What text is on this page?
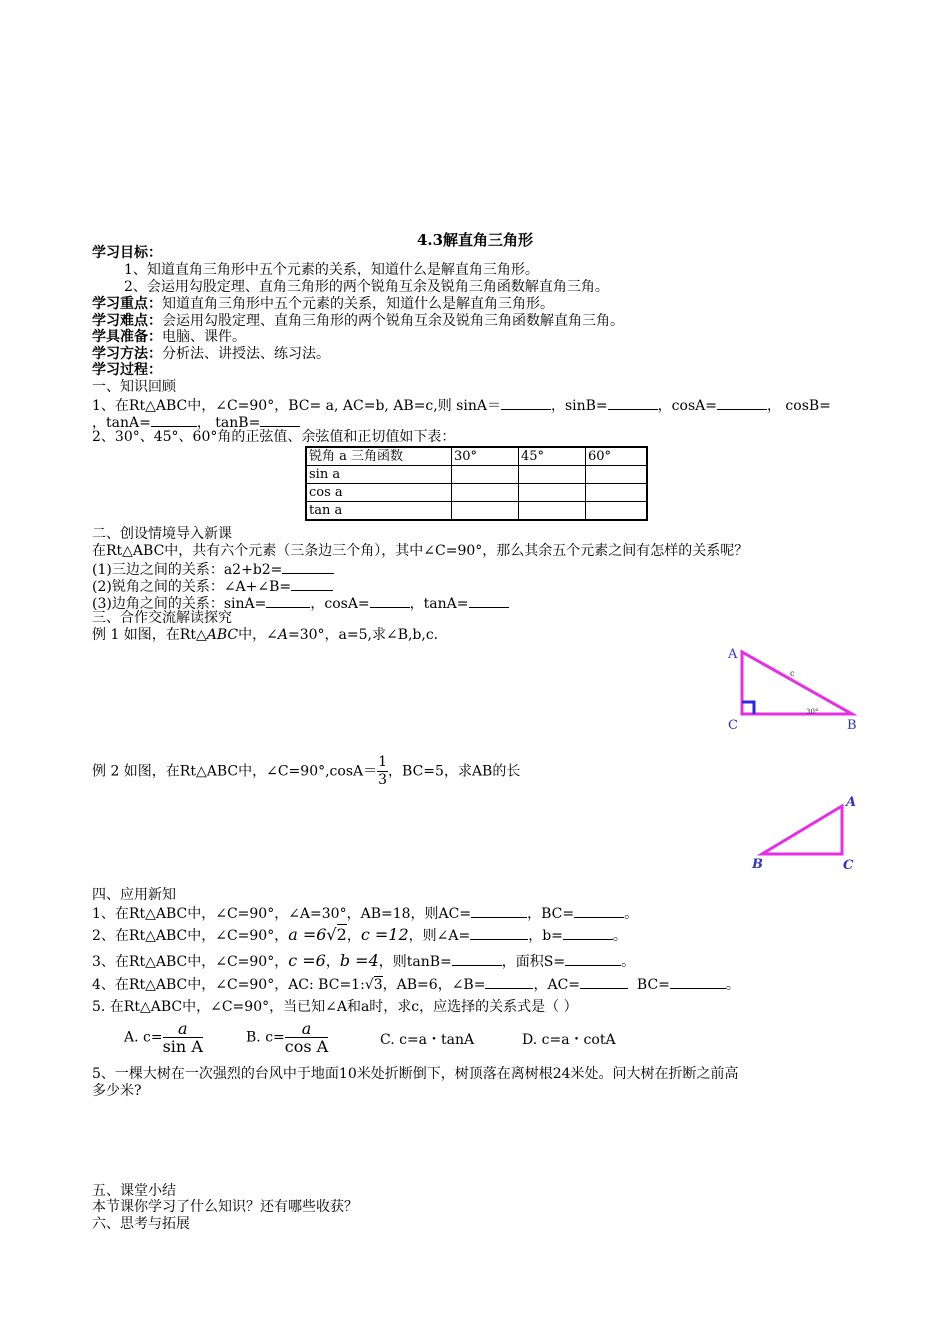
4.3解直角三角形
学习目标：
1、知道直角三角形中五个元素的关系，知道什么是解直角三角形。
2、会运用勾股定理、直角三角形的两个锐角互余及锐角三角函数解直角三角。
学习重点：知道直角三角形中五个元素的关系，知道什么是解直角三角形。
学习难点：会运用勾股定理、直角三角形的两个锐角互余及锐角三角函数解直角三角。
学具准备：电脑、课件。
学习方法：分析法、讲授法、练习法。
学习过程：
一、知识回顾
1、在Rt△ABC中，∠C=90°，BC= a, AC=b, AB=c,则 sinA＝	，sinB=	，cosA=	， cosB=
，tanA=	， tanB=
2、30°、45°、60°角的正弦值、余弦值和正切值如下表：
锐角 a 三角函数	30°	45°	60°
sin a			
cos a			
tan a			
二、创设情境导入新课
在Rt△ABC中，共有六个元素（三条边三个角），其中∠C=90°，那么其余五个元素之间有怎样的关系呢？
(1)三边之间的关系：a2+b2=
(2)锐角之间的关系：∠A+∠B=
(3)边角之间的关系：sinA=	，cosA=	，tanA=
三、合作交流解读探究
例 1 如图，在Rt△ABC中，∠A=30°，a=5,求∠B,b,c.
A
C	B
c
30°
例 2 如图，在Rt△ABC中，∠C=90°,cosA＝ $\frac{1}{3}$ ，BC=5，求AB的长
A
B	C
四、应用新知
1、在Rt△ABC中，∠C=90°，∠A=30°，AB=18，则AC=	，BC=	。
2、在Rt△ABC中，∠C=90°，a =6√2，c =12，则∠A=	，b=	。
3、在Rt△ABC中，∠C=90°，c =6，b =4，则tanB=	，面积S=	。
4、在Rt△ABC中，∠C=90°，AC: BC=1:√3，AB=6，∠B=	，AC=	BC=	。
5. 在Rt△ABC中，∠C=90°，当已知∠A和a时，求c，应选择的关系式是（ ）
A. $c= \frac{a}{\text{sin A}}$	B. $c= \frac{a}{\text{cos A}}$	C. c=a・tanA	D. c=a・cotA
5、一棵大树在一次强烈的台风中于地面10米处折断倒下，树顶落在离树根24米处。问大树在折断之前高
多少米?
五、课堂小结
本节课你学习了什么知识？还有哪些收获？
六、思考与拓展
